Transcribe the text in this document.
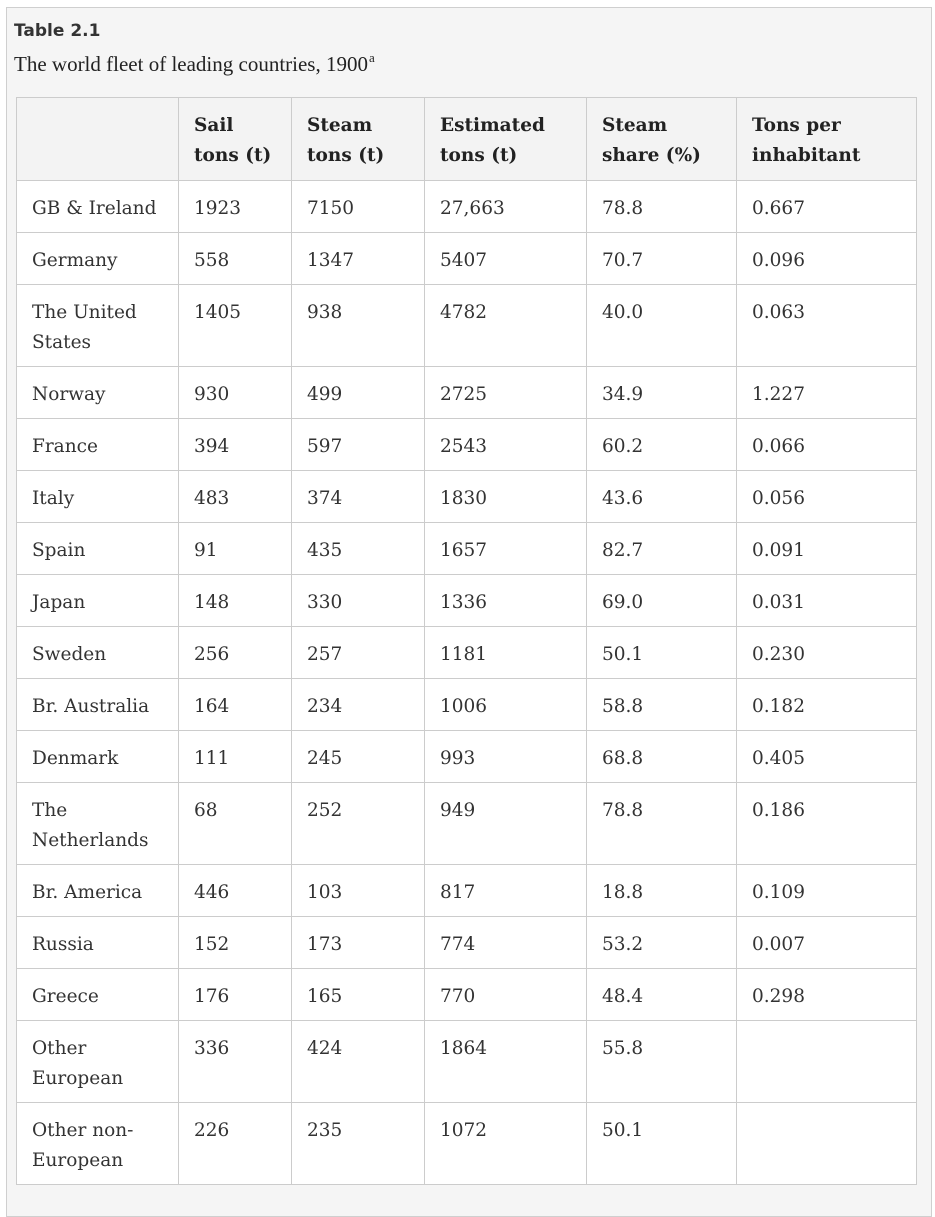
Table 2.1
The world fleet of leading countries, 1900$^a$
	Sail tons (t)	Steam tons (t)	Estimated tons (t)	Steam share (%)	Tons per inhabitant
GB & Ireland	1923	7150	27,663	78.8	0.667
Germany	558	1347	5407	70.7	0.096
The United States	1405	938	4782	40.0	0.063
Norway	930	499	2725	34.9	1.227
France	394	597	2543	60.2	0.066
Italy	483	374	1830	43.6	0.056
Spain	91	435	1657	82.7	0.091
Japan	148	330	1336	69.0	0.031
Sweden	256	257	1181	50.1	0.230
Br. Australia	164	234	1006	58.8	0.182
Denmark	111	245	993	68.8	0.405
The Netherlands	68	252	949	78.8	0.186
Br. America	446	103	817	18.8	0.109
Russia	152	173	774	53.2	0.007
Greece	176	165	770	48.4	0.298
Other European	336	424	1864	55.8	
Other non-European	226	235	1072	50.1	
